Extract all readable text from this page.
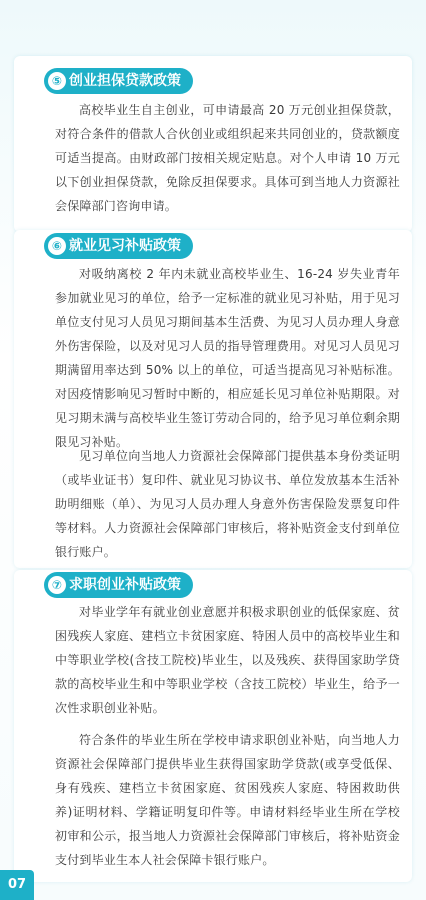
⑤ 创业担保贷款政策

高校毕业生自主创业，可申请最高 20 万元创业担保贷款，对符合条件的借款人合伙创业或组织起来共同创业的，贷款额度可适当提高。由财政部门按相关规定贴息。对个人申请 10 万元以下创业担保贷款，免除反担保要求。具体可到当地人力资源社会保障部门咨询申请。

⑥ 就业见习补贴政策

对吸纳离校 2 年内未就业高校毕业生、16-24 岁失业青年参加就业见习的单位，给予一定标准的就业见习补贴，用于见习单位支付见习人员见习期间基本生活费、为见习人员办理人身意外伤害保险，以及对见习人员的指导管理费用。对见习人员见习期满留用率达到 50% 以上的单位，可适当提高见习补贴标准。对因疫情影响见习暂时中断的，相应延长见习单位补贴期限。对见习期未满与高校毕业生签订劳动合同的，给予见习单位剩余期限见习补贴。

见习单位向当地人力资源社会保障部门提供基本身份类证明（或毕业证书）复印件、就业见习协议书、单位发放基本生活补助明细账（单）、为见习人员办理人身意外伤害保险发票复印件等材料。人力资源社会保障部门审核后，将补贴资金支付到单位银行账户。

⑦ 求职创业补贴政策

对毕业学年有就业创业意愿并积极求职创业的低保家庭、贫困残疾人家庭、建档立卡贫困家庭、特困人员中的高校毕业生和中等职业学校(含技工院校)毕业生，以及残疾、获得国家助学贷款的高校毕业生和中等职业学校（含技工院校）毕业生，给予一次性求职创业补贴。

符合条件的毕业生所在学校申请求职创业补贴，向当地人力资源社会保障部门提供毕业生获得国家助学贷款(或享受低保、身有残疾、建档立卡贫困家庭、贫困残疾人家庭、特困救助供养)证明材料、学籍证明复印件等。申请材料经毕业生所在学校初审和公示，报当地人力资源社会保障部门审核后，将补贴资金支付到毕业生本人社会保障卡银行账户。

07
